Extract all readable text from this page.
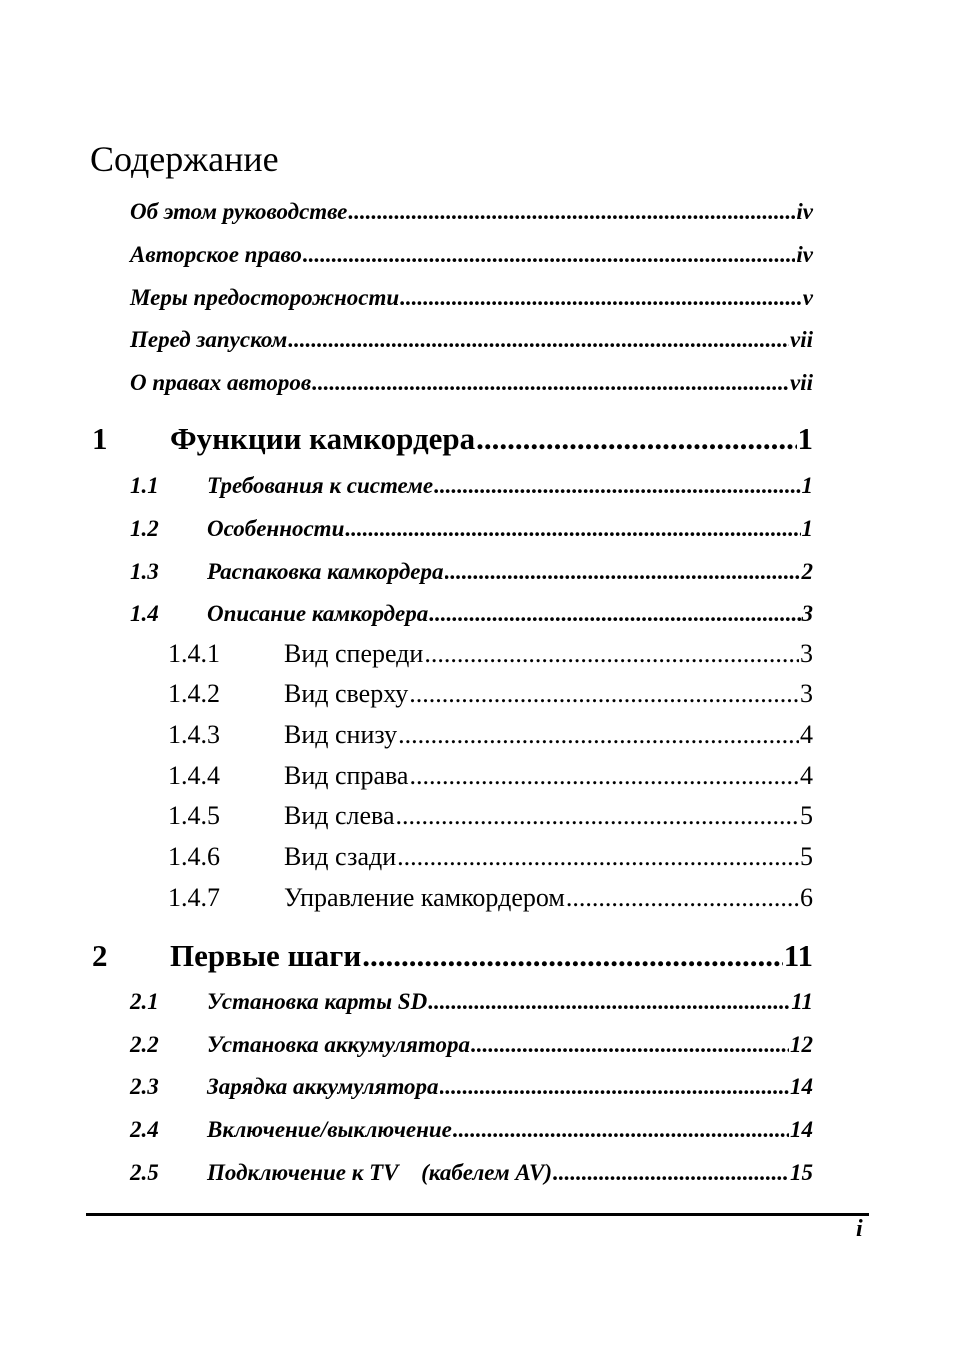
Содержание
Об этом руководстве .....	iv
Авторское право .....	iv
Меры предосторожности .....	v
Перед запуском .....	vii
О правах авторов .....	vii
1	Функции камкордера .....	1
1.1	Требования к системе .....	1
1.2	Особенности .....	1
1.3	Распаковка камкордера .....	2
1.4	Описание камкордера .....	3
1.4.1	Вид спереди .....	3
1.4.2	Вид сверху .....	3
1.4.3	Вид снизу .....	4
1.4.4	Вид справа .....	4
1.4.5	Вид слева .....	5
1.4.6	Вид сзади .....	5
1.4.7	Управление камкордером .....	6
2	Первые шаги .....	11
2.1	Установка карты SD .....	11
2.2	Установка аккумулятора .....	12
2.3	Зарядка аккумулятора .....	14
2.4	Включение/выключение .....	14
2.5	Подключение к TV    (кабелем AV) .....	15
i
